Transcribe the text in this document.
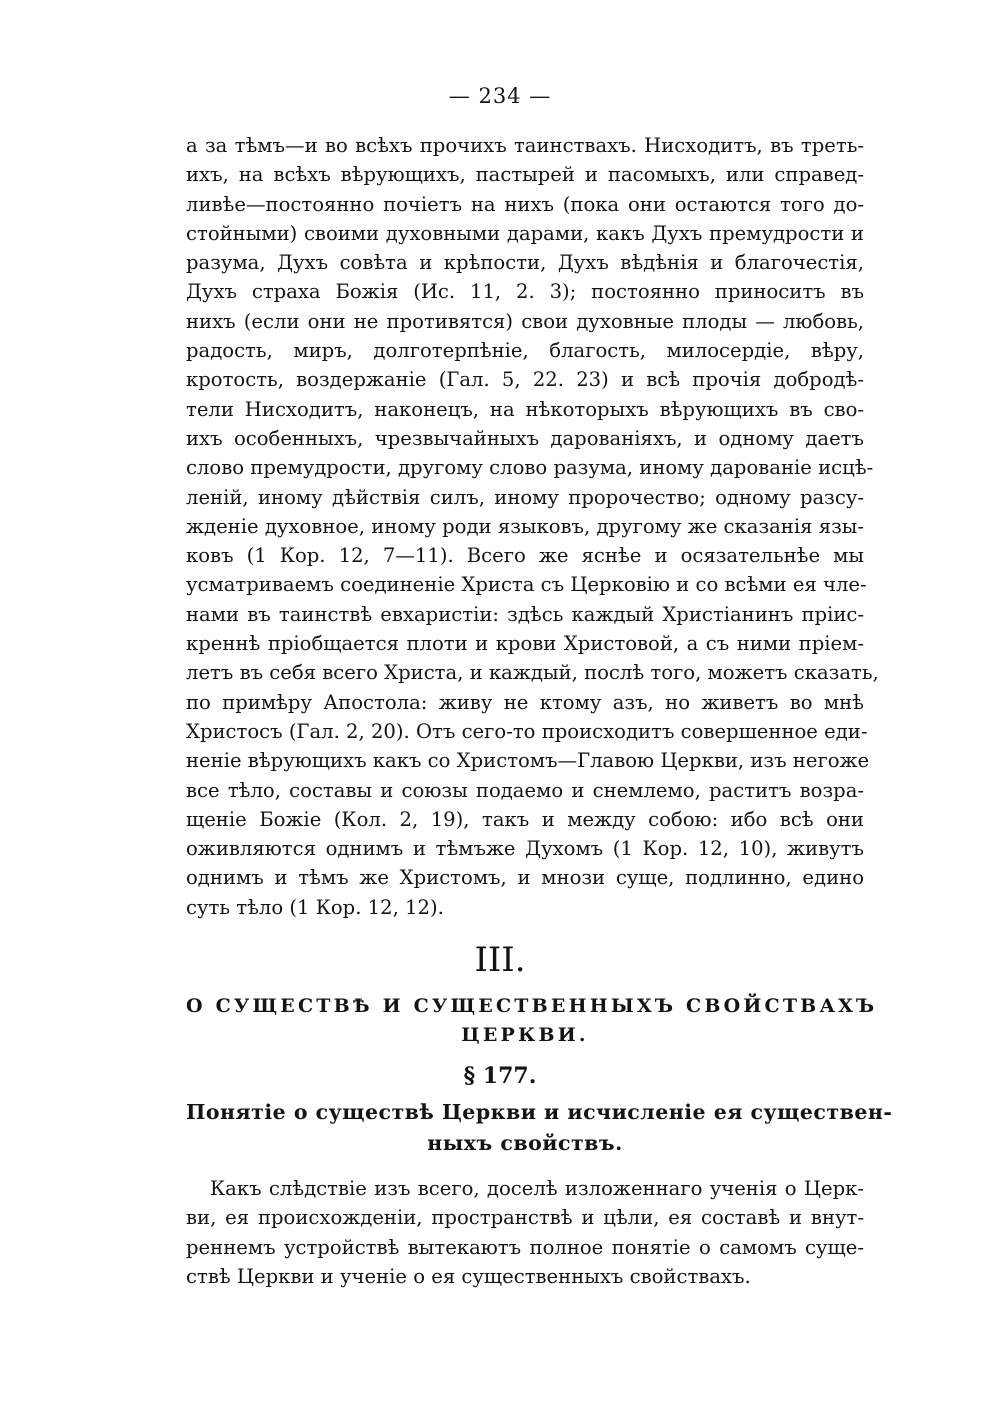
— 234 —
а за тѣмъ—и во всѣхъ прочихъ таинствахъ. Нисходитъ, въ треть-
ихъ, на всѣхъ вѣрующихъ, пастырей и пасомыхъ, или справед-
ливѣе—постоянно почіетъ на нихъ (пока они остаются того до-
стойными) своими духовными дарами, какъ Духъ премудрости и
разума, Духъ совѣта и крѣпости, Духъ вѣдѣнія и благочестія,
Духъ страха Божія (Ис. 11, 2. 3); постоянно приноситъ въ
нихъ (если они не противятся) свои духовные плоды — любовь,
радость, миръ, долготерпѣніе, благость, милосердіе, вѣру,
кротость, воздержаніе (Гал. 5, 22. 23) и всѣ прочія добродѣ-
тели Нисходитъ, наконецъ, на нѣкоторыхъ вѣрующихъ въ сво-
ихъ особенныхъ, чрезвычайныхъ дарованіяхъ, и одному даетъ
слово премудрости, другому слово разума, иному дарованіе исцѣ-
леній, иному дѣйствія силъ, иному пророчество; одному разсу-
жденіе духовное, иному роди языковъ, другому же сказанія язы-
ковъ (1 Кор. 12, 7—11). Всего же яснѣе и осязательнѣе мы
усматриваемъ соединеніе Христа съ Церковію и со всѣми ея чле-
нами въ таинствѣ евхаристіи: здѣсь каждый Христіанинъ пріис-
креннѣ пріобщается плоти и крови Христовой, а съ ними пріем-
летъ въ себя всего Христа, и каждый, послѣ того, можетъ сказать,
по примѣру Апостола: живу не ктому азъ, но живетъ во мнѣ
Христосъ (Гал. 2, 20). Отъ сего-то происходитъ совершенное еди-
неніе вѣрующихъ какъ со Христомъ—Главою Церкви, изъ негоже
все тѣло, составы и союзы подаемо и снемлемо, раститъ возра-
щеніе Божіе (Кол. 2, 19), такъ и между собою: ибо всѣ они
оживляются однимъ и тѣмъже Духомъ (1 Кор. 12, 10), живутъ
однимъ и тѣмъ же Христомъ, и мнози суще, подлинно, едино
суть тѣло (1 Кор. 12, 12).
III.
О СУЩЕСТВѢ И СУЩЕСТВЕННЫХЪ СВОЙСТВАХЪ
ЦЕРКВИ.
§ 177.
Понятіе о существѣ Церкви и исчисленіе ея существен-
ныхъ свойствъ.
Какъ слѣдствіе изъ всего, доселѣ изложеннаго ученія о Церк-
ви, ея происхожденіи, пространствѣ и цѣли, ея составѣ и внут-
реннемъ устройствѣ вытекаютъ полное понятіе о самомъ суще-
ствѣ Церкви и ученіе о ея существенныхъ свойствахъ.
